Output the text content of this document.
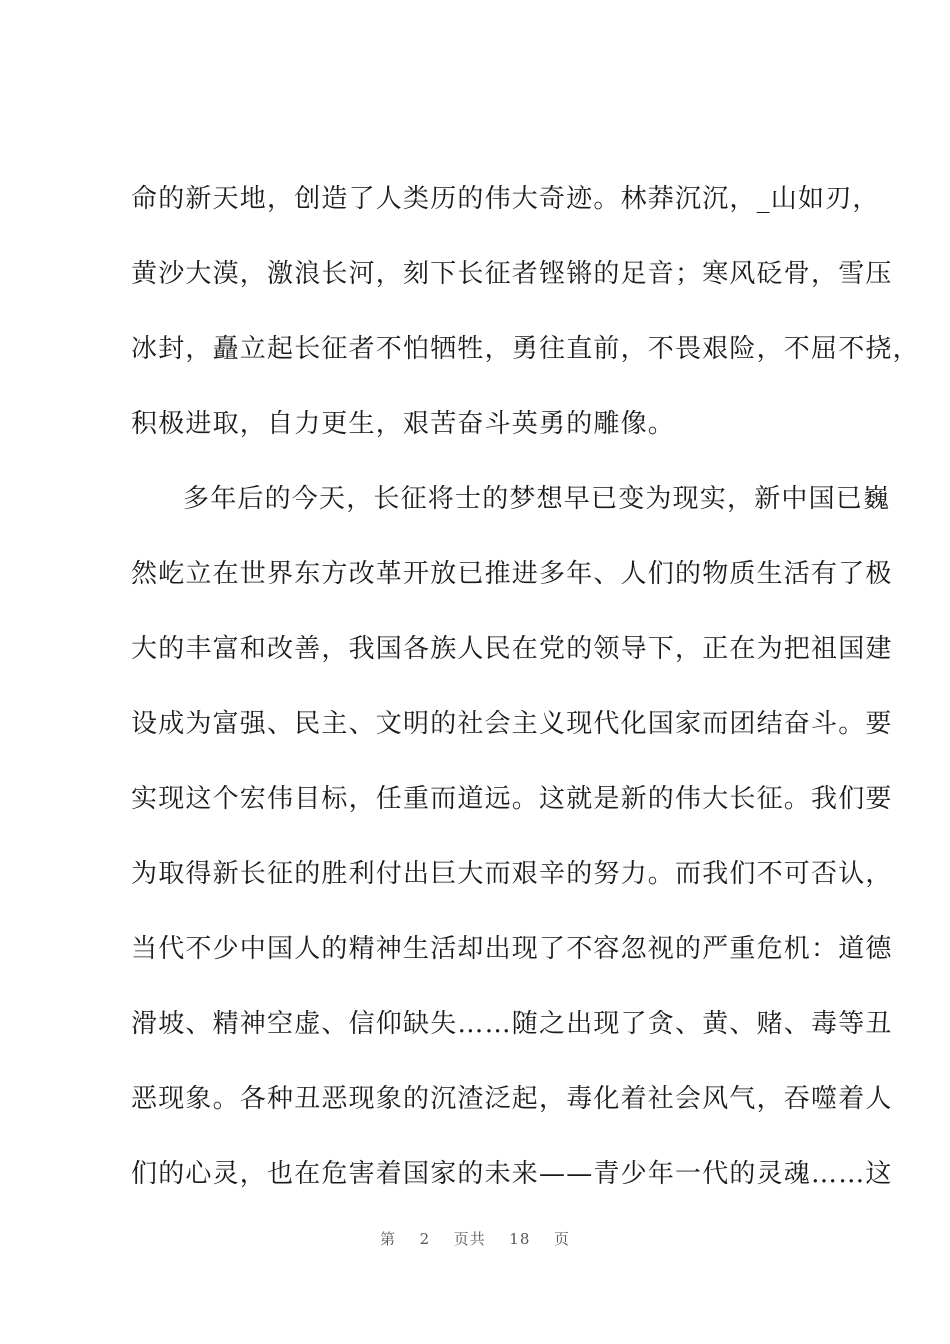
命的新天地，创造了人类历的伟大奇迹。林莽沉沉，_山如刃，
黄沙大漠，激浪长河，刻下长征者铿锵的足音；寒风砭骨，雪压
冰封，矗立起长征者不怕牺牲，勇往直前，不畏艰险，不屈不挠，
积极进取，自力更生，艰苦奋斗英勇的雕像。
多年后的今天，长征将士的梦想早已变为现实，新中国已巍
然屹立在世界东方改革开放已推进多年、人们的物质生活有了极
大的丰富和改善，我国各族人民在党的领导下，正在为把祖国建
设成为富强、民主、文明的社会主义现代化国家而团结奋斗。要
实现这个宏伟目标，任重而道远。这就是新的伟大长征。我们要
为取得新长征的胜利付出巨大而艰辛的努力。而我们不可否认，
当代不少中国人的精神生活却出现了不容忽视的严重危机：道德
滑坡、精神空虚、信仰缺失……随之出现了贪、黄、赌、毒等丑
恶现象。各种丑恶现象的沉渣泛起，毒化着社会风气，吞噬着人
们的心灵，也在危害着国家的未来——青少年一代的灵魂……这
第 2 页共 18 页
